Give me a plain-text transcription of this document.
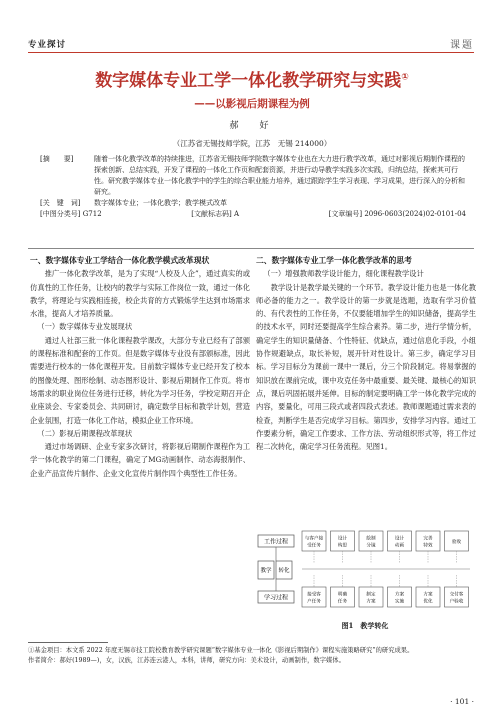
专业探讨	课题
数字媒体专业工学一体化教学研究与实践①
——以影视后期课程为例
郝　好
（江苏省无锡技师学院，江苏　无锡 214000）
[摘　　要]	随着一体化教学改革的持续推进，江苏省无锡技师学院数字媒体专业也在大力进行教学改革，通过对影视后期制作课程的探索创新、总结实践，开发了课程的一体化工作页和配套资源，并进行动导教学实践多次实践，归纳总结，探索其可行性。研究教学媒体专业一体化教学中的学生的综合职业能力培养，通过跟踪学生学习表现、学习成果，进行深入的分析和研究。
[关　键　词]	数字媒体专业；一体化教学；教学模式改革
[中图分类号] G712	[文献标志码] A	[文章编号] 2096-0603(2024)02-0101-04
一、数字媒体专业工学结合一体化教学模式改革现状

推广一体化教学改革，是为了实现“人校及人企”，通过真实的或仿真性的工作任务，让校内的教学与实际工作岗位一致，通过一体化教学，将理论与实践相连接，校企共育的方式锻炼学生达到市场需求水准，提高人才培养质量。

（一）数字媒体专业发展现状

通过人社部三批一体化课程教学课改，大部分专业已经有了部颁的课程标准和配套的工作页。但是数字媒体专业没有部颁标准，因此需要进行校本的一体化课程开发。目前数字媒体专业已经开发了校本的图像处理、图形绘制、动态图形设计、影视后期制作工作页。将市场需求的职业岗位任务进行迁移，转化为学习任务，学校定期召开企业座谈会、专家委员会、共同研讨，确定数学目标和教学计划，营造企业氛围，打造一体化工作站，模拟企业工作环境。

（二）影视后期课程改革现状

通过市场调研、企业专家多次研讨，将影视后期制作课程作为工学一体化教学的第二门课程，确定了MG动画制作、动态海报制作、企业产品宣传片制作、企业文化宣传片制作四个典型性工作任务。

二、数字媒体专业工学一体化教学改革的思考
（一）增强教师教学设计能力，细化课程教学设计

教学设计是教学最关键的一个环节。教学设计能力也是一体化教师必备的能力之一。教学设计的第一步就是选题，选取有学习价值的、有代表性的工作任务，不仅要能增加学生的知识储备，提高学生的技术水平，同时还要提高学生综合素养。第二步，进行学情分析，确定学生的知识量储备、个性特征、优缺点，通过信息化手段，小组协作规避缺点，取长补短，展开针对性设计。第三步，确定学习目标。学习目标分为课前一课中一课后，分三个阶段制定。将易掌握的知识放在课前完成，课中攻克任务中最重要、最关键、最核心的知识点，课后巩固拓展并延伸。目标的制定要明确工学一体化教学完成的内容，要量化，可用三段式或者四段式表述。教师课题通过需求表的检查，判断学生是否完成学习目标。第四步，安排学习内容。通过工作要素分析，确定工作要求、工作方法、劳动组织形式等，将工作过程二次转化，确定学习任务流程。见图1。

工作过程
教学 转化
学习过程
与客户接
受任务
设计
构思
绘制
分镜
设计
动画
完善
特效
验收
接受客
户任务
明确
任务
制定
方案
方案
实施
方案
优化
交付客
户验收
图1　教学转化

①基金项目：本文系 2022 年度无锡市技工院校教育教学研究课题“数字媒体专业一体化《影视后期制作》课程实施策略研究”的研究成果。

作者简介：郝好(1989—)，女，汉族，江苏连云港人，本科，讲师，研究方向：美术设计，动画制作，数字媒体。

· 101 ·
